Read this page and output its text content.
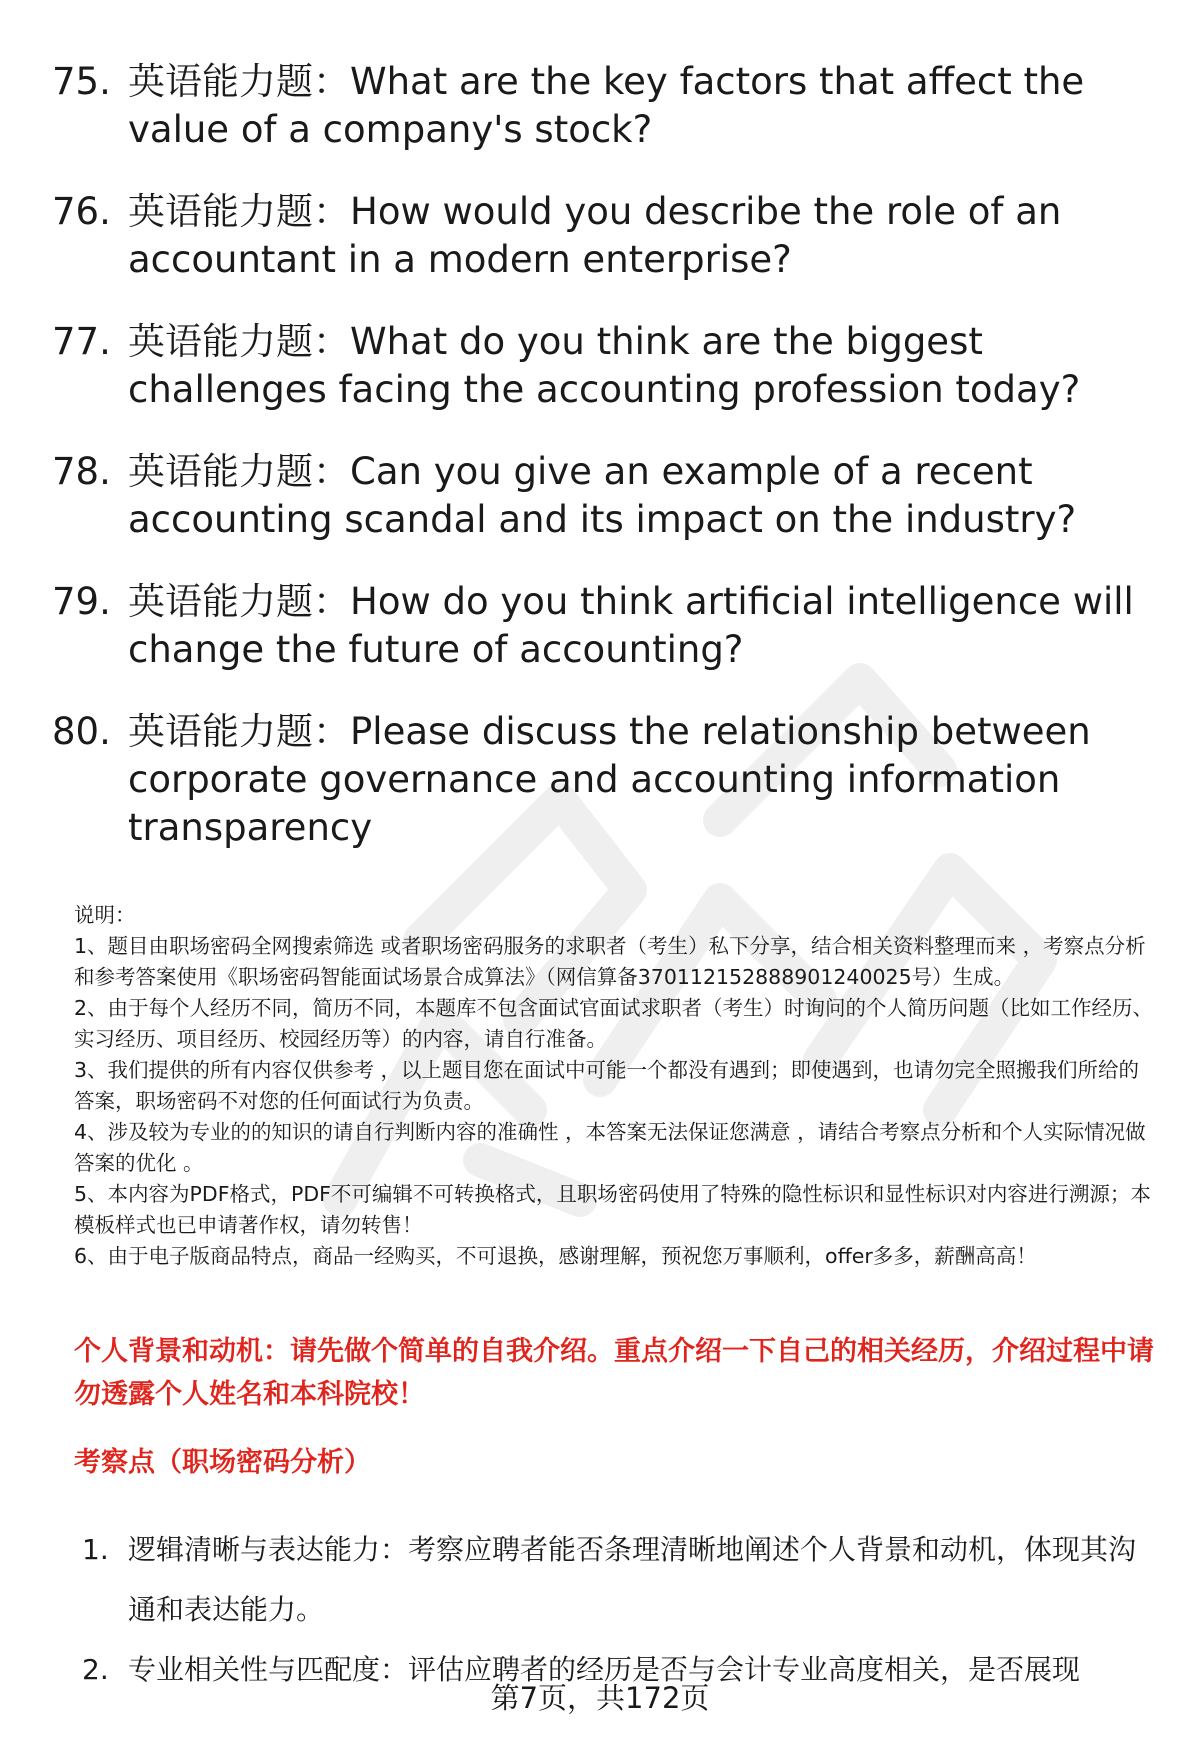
75. 英语能力题：What are the key factors that affect the value of a company's stock?
76. 英语能力题：How would you describe the role of an accountant in a modern enterprise?
77. 英语能力题：What do you think are the biggest challenges facing the accounting profession today?
78. 英语能力题：Can you give an example of a recent accounting scandal and its impact on the industry?
79. 英语能力题：How do you think artificial intelligence will change the future of accounting?
80. 英语能力题：Please discuss the relationship between corporate governance and accounting information transparency

说明：

1、题目由职场密码全网搜索筛选 或者职场密码服务的求职者（考生）私下分享，结合相关资料整理而来 ，考察点分析和参考答案使用《职场密码智能面试场景合成算法》（网信算备370112152888901240025号）生成。

2、由于每个人经历不同，简历不同，本题库不包含面试官面试求职者（考生）时询问的个人简历问题（比如工作经历、实习经历、项目经历、校园经历等）的内容，请自行准备。

3、我们提供的所有内容仅供参考 ，以上题目您在面试中可能一个都没有遇到；即使遇到，也请勿完全照搬我们所给的答案，职场密码不对您的任何面试行为负责。

4、涉及较为专业的的知识的请自行判断内容的准确性 ，本答案无法保证您满意 ，请结合考察点分析和个人实际情况做答案的优化 。

5、本内容为PDF格式，PDF不可编辑不可转换格式，且职场密码使用了特殊的隐性标识和显性标识对内容进行溯源；本模板样式也已申请著作权，请勿转售！

6、由于电子版商品特点，商品一经购买，不可退换，感谢理解，预祝您万事顺利，offer多多，薪酬高高！

个人背景和动机：请先做个简单的自我介绍。重点介绍一下自己的相关经历，介绍过程中请勿透露个人姓名和本科院校！
考察点（职场密码分析）
1. 逻辑清晰与表达能力：考察应聘者能否条理清晰地阐述个人背景和动机，体现其沟通和表达能力。
2. 专业相关性与匹配度：评估应聘者的经历是否与会计专业高度相关，是否展现
第7页，共172页
